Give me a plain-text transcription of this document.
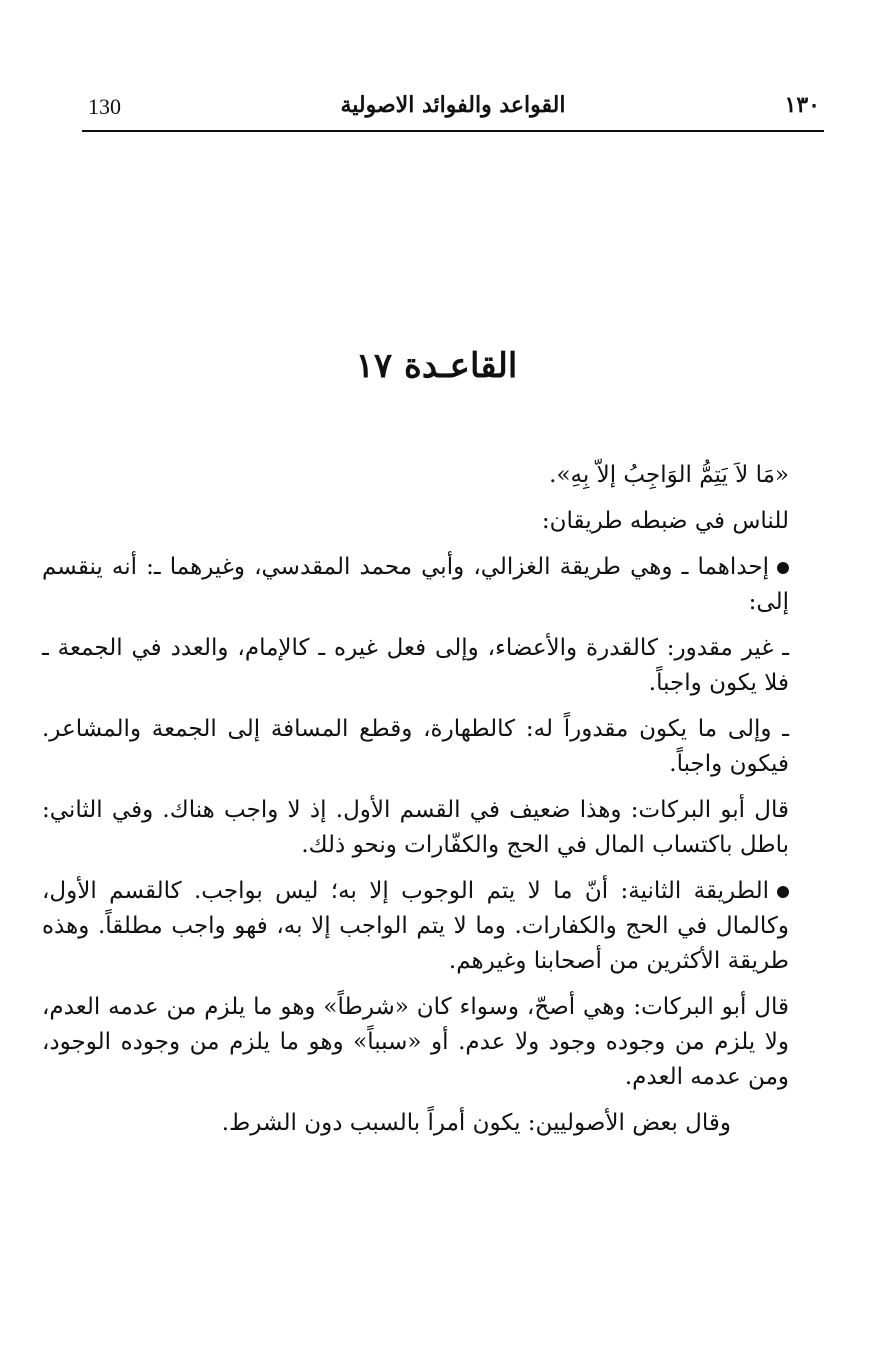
130	القواعد والفوائد الاصولية	١٣٠
القاعـدة ١٧

«مَا لاَ يَتِمُّ الوَاجِبُ إلاّ بِهِ».

للناس في ضبطه طريقان:

إحداهما ـ وهي طريقة الغزالي، وأبي محمد المقدسي، وغيرهما ـ: أنه ينقسم إلى:

ـ غير مقدور: كالقدرة والأعضاء، وإلى فعل غيره ـ كالإمام، والعدد في الجمعة ـ فلا يكون واجباً.

ـ وإلى ما يكون مقدوراً له: كالطهارة، وقطع المسافة إلى الجمعة والمشاعر. فيكون واجباً.

قال أبو البركات: وهذا ضعيف في القسم الأول. إذ لا واجب هناك. وفي الثاني: باطل باكتساب المال في الحج والكفّارات ونحو ذلك.

الطريقة الثانية: أنّ ما لا يتم الوجوب إلا به؛ ليس بواجب. كالقسم الأول، وكالمال في الحج والكفارات. وما لا يتم الواجب إلا به، فهو واجب مطلقاً. وهذه طريقة الأكثرين من أصحابنا وغيرهم.

قال أبو البركات: وهي أصحّ، وسواء كان «شرطاً» وهو ما يلزم من عدمه العدم، ولا يلزم من وجوده وجود ولا عدم. أو «سبباً» وهو ما يلزم من وجوده الوجود، ومن عدمه العدم.

وقال بعض الأصوليين: يكون أمراً بالسبب دون الشرط.
